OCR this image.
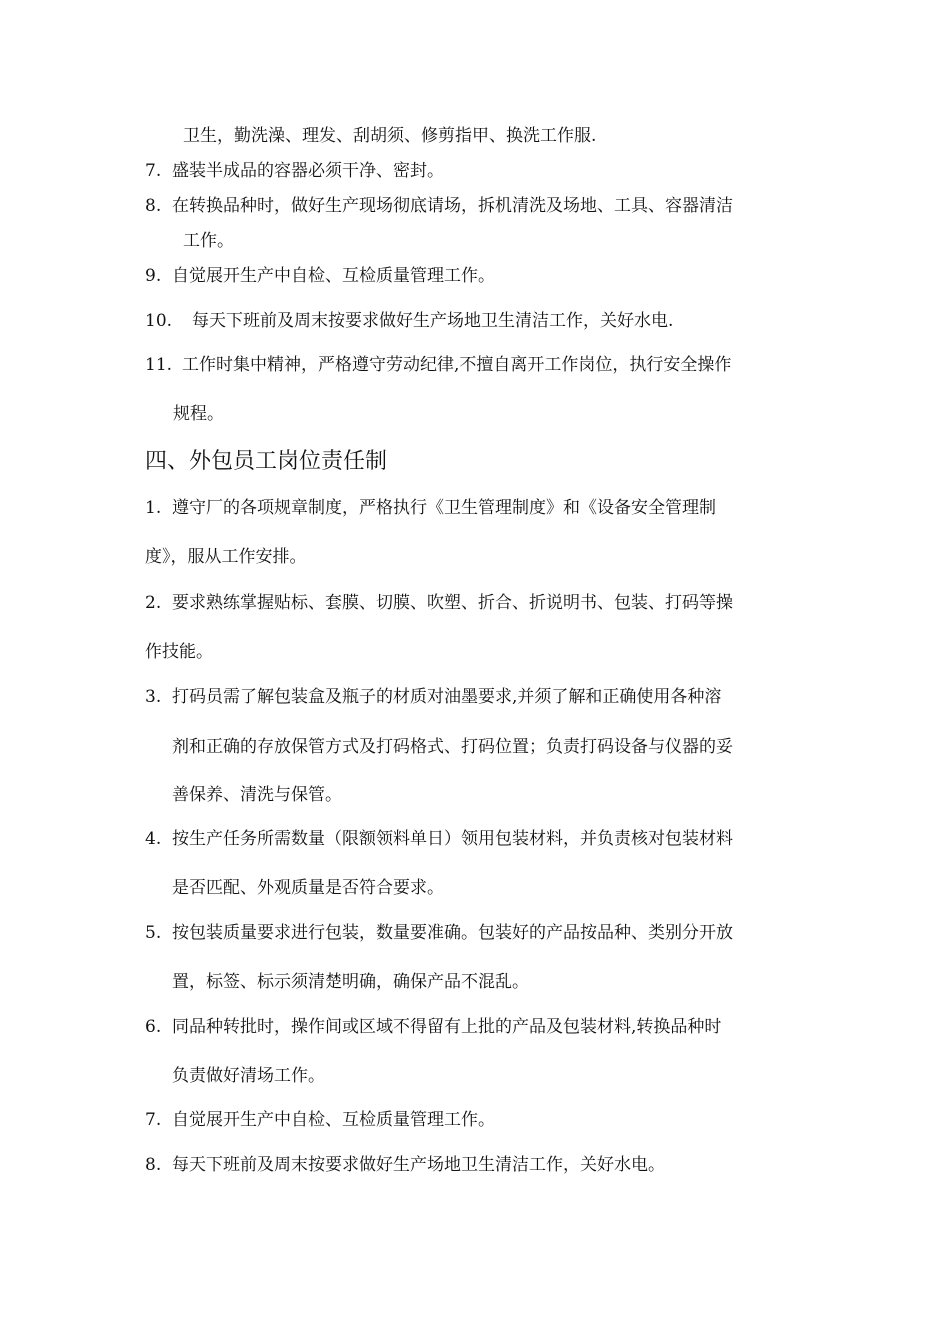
卫生，勤洗澡、理发、刮胡须、修剪指甲、换洗工作服.
7. 盛装半成品的容器必须干净、密封。
8. 在转换品种时，做好生产现场彻底请场，拆机清洗及场地、工具、容器清洁
工作。
9. 自觉展开生产中自检、互检质量管理工作。
10. 每天下班前及周末按要求做好生产场地卫生清洁工作，关好水电.
11. 工作时集中精神，严格遵守劳动纪律,不擅自离开工作岗位，执行安全操作
规程。
四、外包员工岗位责任制
1. 遵守厂的各项规章制度，严格执行《卫生管理制度》和《设备安全管理制
度》，服从工作安排。
2. 要求熟练掌握贴标、套膜、切膜、吹塑、折合、折说明书、包装、打码等操
作技能。
3. 打码员需了解包装盒及瓶子的材质对油墨要求,并须了解和正确使用各种溶
剂和正确的存放保管方式及打码格式、打码位置；负责打码设备与仪器的妥
善保养、清洗与保管。
4. 按生产任务所需数量（限额领料单日）领用包装材料，并负责核对包装材料
是否匹配、外观质量是否符合要求。
5. 按包装质量要求进行包装，数量要准确。包装好的产品按品种、类别分开放
置，标签、标示须清楚明确，确保产品不混乱。
6. 同品种转批时，操作间或区域不得留有上批的产品及包装材料,转换品种时
负责做好清场工作。
7. 自觉展开生产中自检、互检质量管理工作。
8. 每天下班前及周末按要求做好生产场地卫生清洁工作，关好水电。
